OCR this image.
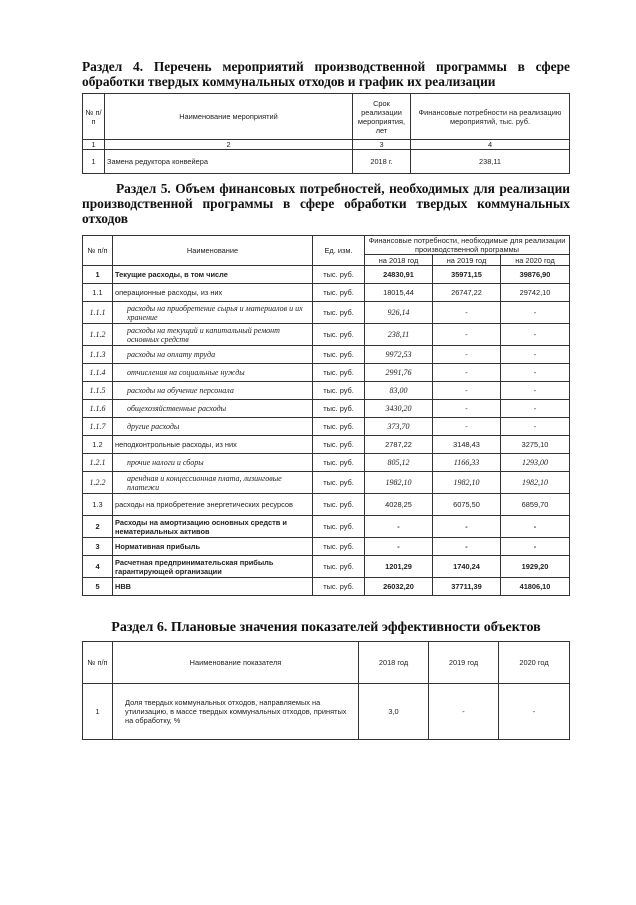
Раздел 4. Перечень мероприятий производственной программы в сфере обработки твердых коммунальных отходов и график их реализации
№ п/п	Наименование мероприятий	Срок реализации мероприятия, лет	Финансовые потребности на реализацию мероприятий, тыс. руб.
1	2	3	4
1	Замена редуктора конвейера	2018 г.	238,11
Раздел 5. Объем финансовых потребностей, необходимых для реализации производственной программы в сфере обработки твердых коммунальных отходов
№ п/п	Наименование	Ед. изм.	Финансовые потребности, необходимые для реализации производственной программы		
			на 2018 год	на 2019 год	на 2020 год
1	Текущие расходы, в том числе	тыс. руб.	24830,91	35971,15	39876,90
1.1	операционные расходы, из них	тыс. руб.	18015,44	26747,22	29742,10
1.1.1	расходы на приобретение сырья и материалов и их хранение	тыс. руб.	926,14	-	-
1.1.2	расходы на текущий и капитальный ремонт основных средств	тыс. руб.	238,11	-	-
1.1.3	расходы на оплату труда	тыс. руб.	9972,53	-	-
1.1.4	отчисления на социальные нужды	тыс. руб.	2991,76	-	-
1.1.5	расходы на обучение персонала	тыс. руб.	83,00	-	-
1.1.6	общехозяйственные расходы	тыс. руб.	3430,20	-	-
1.1.7	другие расходы	тыс. руб.	373,70	-	-
1.2	неподконтрольные расходы, из них	тыс. руб.	2787,22	3148,43	3275,10
1.2.1	прочие налоги и сборы	тыс. руб.	805,12	1166,33	1293,00
1.2.2	арендная и концессионная плата, лизинговые платежи	тыс. руб.	1982,10	1982,10	1982,10
1.3	расходы на приобретение энергетических ресурсов	тыс. руб.	4028,25	6075,50	6859,70
2	Расходы на амортизацию основных средств и нематериальных активов	тыс. руб.	-	-	-
3	Нормативная прибыль	тыс. руб.	-	-	-
4	Расчетная предпринимательская прибыль гарантирующей организации	тыс. руб.	1201,29	1740,24	1929,20
5	НВВ	тыс. руб.	26032,20	37711,39	41806,10
Раздел 6. Плановые значения показателей эффективности объектов
№ п/п	Наименование показателя	2018 год	2019 год	2020 год
1	Доля твердых коммунальных отходов, направляемых на утилизацию, в массе твердых коммунальных отходов, принятых на обработку, %	3,0	-	-
